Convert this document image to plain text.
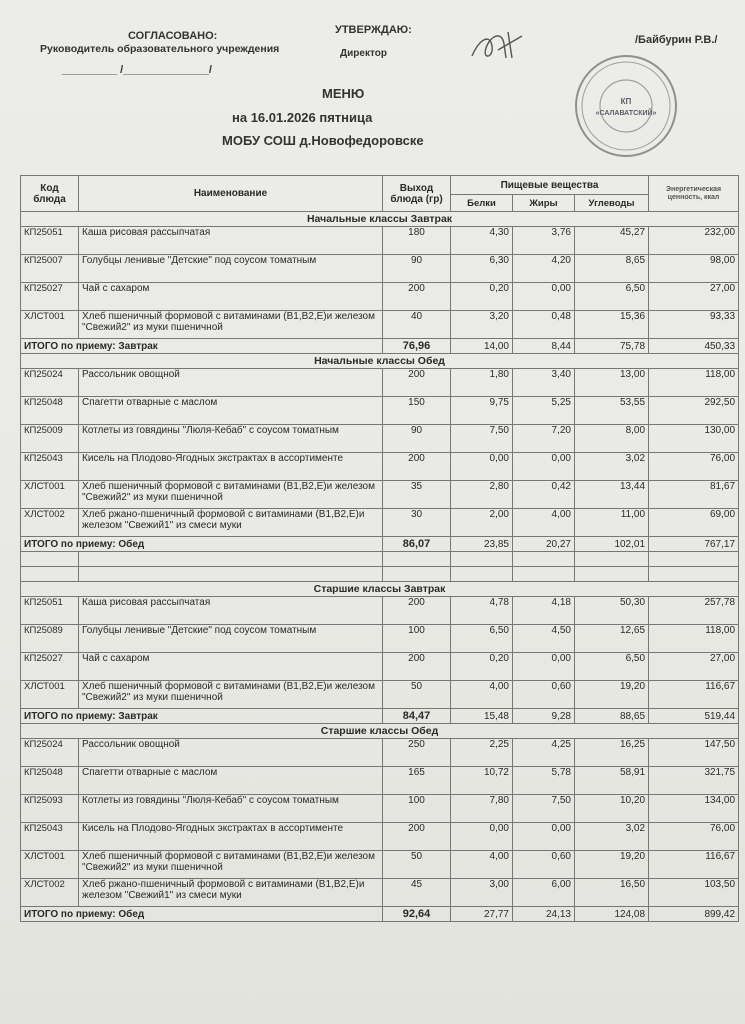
СОГЛАСОВАНО:
Руководитель образовательного учреждения
_________ /______________/
УТВЕРЖДАЮ:
Директор
/Байбурин Р.В./
КП
«САЛАВАТСКИЙ»
МЕНЮ
на 16.01.2026 пятница
МОБУ СОШ д.Новофедоровске
Код блюда	Наименование	Выход блюда (гр)	Пищевые вещества			Энергетическая ценность, ккал
			Белки	Жиры	Углеводы	
Начальные классы Завтрак						
КП25051	Каша рисовая рассыпчатая	180	4,30	3,76	45,27	232,00
КП25007	Голубцы ленивые "Детские" под соусом томатным	90	6,30	4,20	8,65	98,00
КП25027	Чай с сахаром	200	0,20	0,00	6,50	27,00
ХЛСТ001	Хлеб пшеничный формовой с витаминами (В1,В2,Е)и железом "Свежий2" из муки пшеничной	40	3,20	0,48	15,36	93,33
ИТОГО по приему: Завтрак		76,96	14,00	8,44	75,78	450,33
Начальные классы Обед						
КП25024	Рассольник овощной	200	1,80	3,40	13,00	118,00
КП25048	Спагетти отварные с маслом	150	9,75	5,25	53,55	292,50
КП25009	Котлеты из говядины "Люля-Кебаб" с соусом томатным	90	7,50	7,20	8,00	130,00
КП25043	Кисель на Плодово-Ягодных экстрактах в ассортименте	200	0,00	0,00	3,02	76,00
ХЛСТ001	Хлеб пшеничный формовой с витаминами (В1,В2,Е)и железом "Свежий2" из муки пшеничной	35	2,80	0,42	13,44	81,67
ХЛСТ002	Хлеб ржано-пшеничный формовой с витаминами (В1,В2,Е)и железом "Свежий1" из смеси муки	30	2,00	4,00	11,00	69,00
ИТОГО по приему: Обед		86,07	23,85	20,27	102,01	767,17

Старшие классы Завтрак						
КП25051	Каша рисовая рассыпчатая	200	4,78	4,18	50,30	257,78
КП25089	Голубцы ленивые "Детские" под соусом томатным	100	6,50	4,50	12,65	118,00
КП25027	Чай с сахаром	200	0,20	0,00	6,50	27,00
ХЛСТ001	Хлеб пшеничный формовой с витаминами (В1,В2,Е)и железом "Свежий2" из муки пшеничной	50	4,00	0,60	19,20	116,67
ИТОГО по приему: Завтрак		84,47	15,48	9,28	88,65	519,44
Старшие классы Обед						
КП25024	Рассольник овощной	250	2,25	4,25	16,25	147,50
КП25048	Спагетти отварные с маслом	165	10,72	5,78	58,91	321,75
КП25093	Котлеты из говядины "Люля-Кебаб" с соусом томатным	100	7,80	7,50	10,20	134,00
КП25043	Кисель на Плодово-Ягодных экстрактах в ассортименте	200	0,00	0,00	3,02	76,00
ХЛСТ001	Хлеб пшеничный формовой с витаминами (В1,В2,Е)и железом "Свежий2" из муки пшеничной	50	4,00	0,60	19,20	116,67
ХЛСТ002	Хлеб ржано-пшеничный формовой с витаминами (В1,В2,Е)и железом "Свежий1" из смеси муки	45	3,00	6,00	16,50	103,50
ИТОГО по приему: Обед		92,64	27,77	24,13	124,08	899,42
